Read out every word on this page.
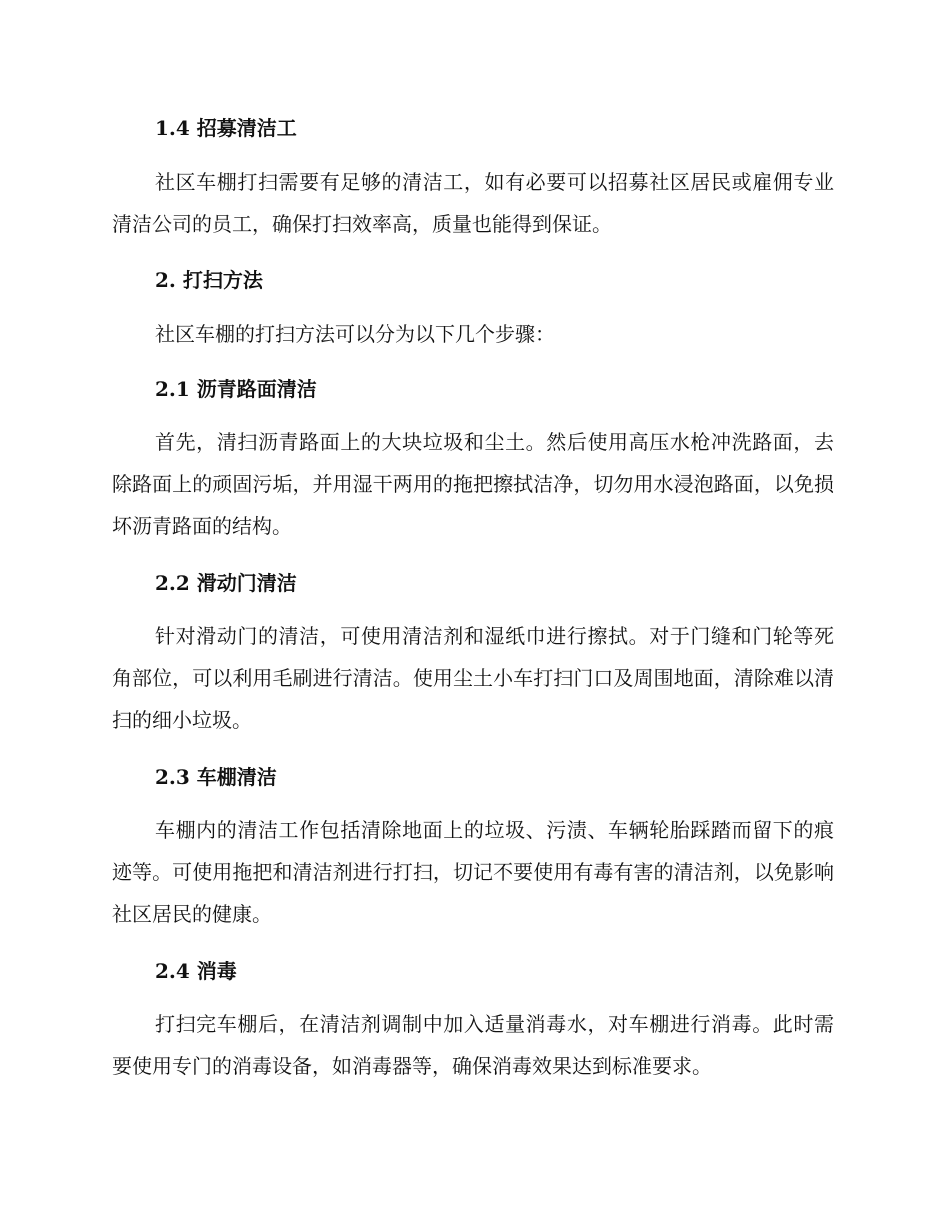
1.4 招募清洁工
社区车棚打扫需要有足够的清洁工，如有必要可以招募社区居民或雇佣专业清洁公司的员工，确保打扫效率高，质量也能得到保证。
2. 打扫方法
社区车棚的打扫方法可以分为以下几个步骤：
2.1 沥青路面清洁
首先，清扫沥青路面上的大块垃圾和尘土。然后使用高压水枪冲洗路面，去除路面上的顽固污垢，并用湿干两用的拖把擦拭洁净，切勿用水浸泡路面，以免损坏沥青路面的结构。
2.2 滑动门清洁
针对滑动门的清洁，可使用清洁剂和湿纸巾进行擦拭。对于门缝和门轮等死角部位，可以利用毛刷进行清洁。使用尘土小车打扫门口及周围地面，清除难以清扫的细小垃圾。
2.3 车棚清洁
车棚内的清洁工作包括清除地面上的垃圾、污渍、车辆轮胎踩踏而留下的痕迹等。可使用拖把和清洁剂进行打扫，切记不要使用有毒有害的清洁剂，以免影响社区居民的健康。
2.4 消毒
打扫完车棚后，在清洁剂调制中加入适量消毒水，对车棚进行消毒。此时需要使用专门的消毒设备，如消毒器等，确保消毒效果达到标准要求。
